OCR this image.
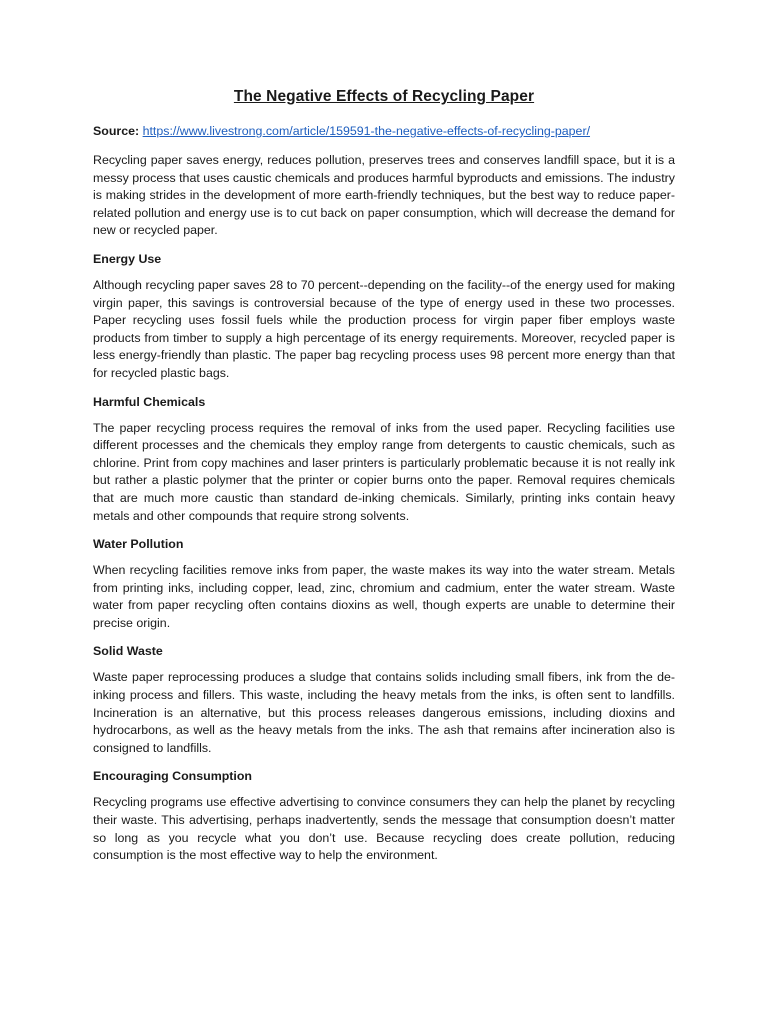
The Negative Effects of Recycling Paper
Source: https://www.livestrong.com/article/159591-the-negative-effects-of-recycling-paper/
Recycling paper saves energy, reduces pollution, preserves trees and conserves landfill space, but it is a messy process that uses caustic chemicals and produces harmful byproducts and emissions. The industry is making strides in the development of more earth-friendly techniques, but the best way to reduce paper-related pollution and energy use is to cut back on paper consumption, which will decrease the demand for new or recycled paper.
Energy Use
Although recycling paper saves 28 to 70 percent--depending on the facility--of the energy used for making virgin paper, this savings is controversial because of the type of energy used in these two processes. Paper recycling uses fossil fuels while the production process for virgin paper fiber employs waste products from timber to supply a high percentage of its energy requirements. Moreover, recycled paper is less energy-friendly than plastic. The paper bag recycling process uses 98 percent more energy than that for recycled plastic bags.
Harmful Chemicals
The paper recycling process requires the removal of inks from the used paper. Recycling facilities use different processes and the chemicals they employ range from detergents to caustic chemicals, such as chlorine. Print from copy machines and laser printers is particularly problematic because it is not really ink but rather a plastic polymer that the printer or copier burns onto the paper. Removal requires chemicals that are much more caustic than standard de-inking chemicals. Similarly, printing inks contain heavy metals and other compounds that require strong solvents.
Water Pollution
When recycling facilities remove inks from paper, the waste makes its way into the water stream. Metals from printing inks, including copper, lead, zinc, chromium and cadmium, enter the water stream. Waste water from paper recycling often contains dioxins as well, though experts are unable to determine their precise origin.
Solid Waste
Waste paper reprocessing produces a sludge that contains solids including small fibers, ink from the de-inking process and fillers. This waste, including the heavy metals from the inks, is often sent to landfills. Incineration is an alternative, but this process releases dangerous emissions, including dioxins and hydrocarbons, as well as the heavy metals from the inks. The ash that remains after incineration also is consigned to landfills.
Encouraging Consumption
Recycling programs use effective advertising to convince consumers they can help the planet by recycling their waste. This advertising, perhaps inadvertently, sends the message that consumption doesn’t matter so long as you recycle what you don’t use. Because recycling does create pollution, reducing consumption is the most effective way to help the environment.
